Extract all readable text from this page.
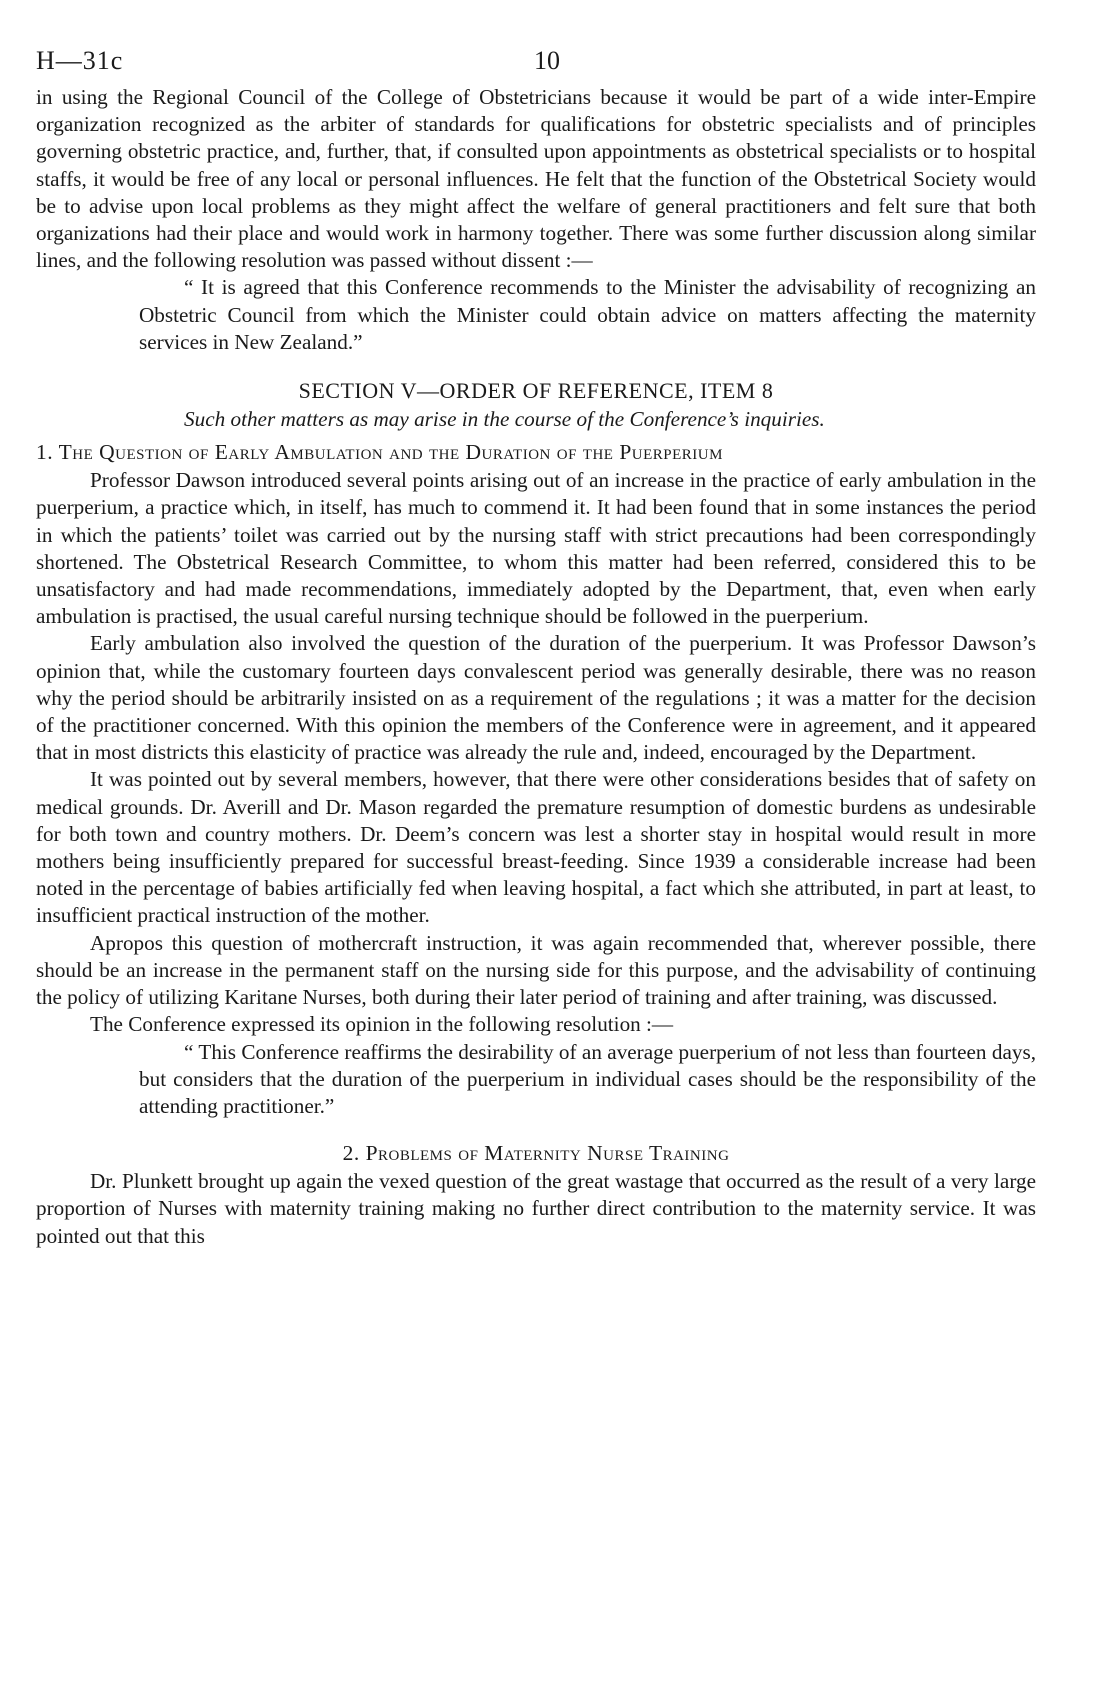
H—31c	10

in using the Regional Council of the College of Obstetricians because it would be part of a wide inter-Empire organization recognized as the arbiter of standards for qualifications for obstetric specialists and of principles governing obstetric practice, and, further, that, if consulted upon appointments as obstetrical specialists or to hospital staffs, it would be free of any local or personal influences. He felt that the function of the Obstetrical Society would be to advise upon local problems as they might affect the welfare of general practitioners and felt sure that both organizations had their place and would work in harmony together. There was some further discussion along similar lines, and the following resolution was passed without dissent :—

“ It is agreed that this Conference recommends to the Minister the advisability of recognizing an Obstetric Council from which the Minister could obtain advice on matters affecting the maternity services in New Zealand.”

SECTION V—ORDER OF REFERENCE, ITEM 8

Such other matters as may arise in the course of the Conference’s inquiries.

1. The Question of Early Ambulation and the Duration of the Puerperium

Professor Dawson introduced several points arising out of an increase in the practice of early ambulation in the puerperium, a practice which, in itself, has much to commend it. It had been found that in some instances the period in which the patients’ toilet was carried out by the nursing staff with strict precautions had been correspondingly shortened. The Obstetrical Research Committee, to whom this matter had been referred, considered this to be unsatisfactory and had made recommendations, immediately adopted by the Department, that, even when early ambulation is practised, the usual careful nursing technique should be followed in the puerperium.

Early ambulation also involved the question of the duration of the puerperium. It was Professor Dawson’s opinion that, while the customary fourteen days convalescent period was generally desirable, there was no reason why the period should be arbitrarily insisted on as a requirement of the regulations ; it was a matter for the decision of the practitioner concerned. With this opinion the members of the Conference were in agreement, and it appeared that in most districts this elasticity of practice was already the rule and, indeed, encouraged by the Department.

It was pointed out by several members, however, that there were other considerations besides that of safety on medical grounds. Dr. Averill and Dr. Mason regarded the premature resumption of domestic burdens as undesirable for both town and country mothers. Dr. Deem’s concern was lest a shorter stay in hospital would result in more mothers being insufficiently prepared for successful breast-feeding. Since 1939 a considerable increase had been noted in the percentage of babies artificially fed when leaving hospital, a fact which she attributed, in part at least, to insufficient practical instruction of the mother.

Apropos this question of mothercraft instruction, it was again recommended that, wherever possible, there should be an increase in the permanent staff on the nursing side for this purpose, and the advisability of continuing the policy of utilizing Karitane Nurses, both during their later period of training and after training, was discussed.

The Conference expressed its opinion in the following resolution :—

“ This Conference reaffirms the desirability of an average puerperium of not less than fourteen days, but considers that the duration of the puerperium in individual cases should be the responsibility of the attending practitioner.”

2. Problems of Maternity Nurse Training

Dr. Plunkett brought up again the vexed question of the great wastage that occurred as the result of a very large proportion of Nurses with maternity training making no further direct contribution to the maternity service. It was pointed out that this
